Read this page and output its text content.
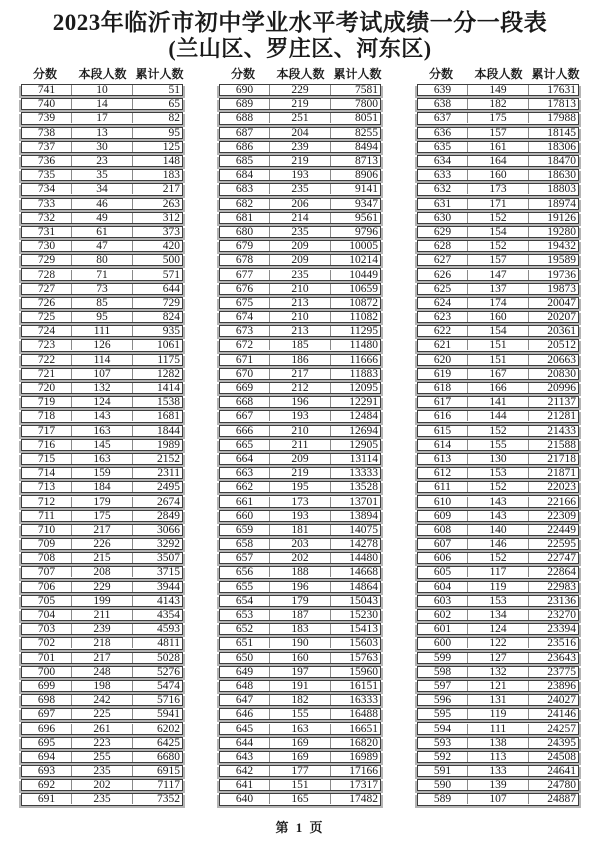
2023年临沂市初中学业水平考试成绩一分一段表
(兰山区、罗庄区、河东区)
分数	本段人数 累计人数
741	10	51
740	14	65
739	17	82
738	13	95
737	30	125
736	23	148
735	35	183
734	34	217
733	46	263
732	49	312
731	61	373
730	47	420
729	80	500
728	71	571
727	73	644
726	85	729
725	95	824
724	111	935
723	126	1061
722	114	1175
721	107	1282
720	132	1414
719	124	1538
718	143	1681
717	163	1844
716	145	1989
715	163	2152
714	159	2311
713	184	2495
712	179	2674
711	175	2849
710	217	3066
709	226	3292
708	215	3507
707	208	3715
706	229	3944
705	199	4143
704	211	4354
703	239	4593
702	218	4811
701	217	5028
700	248	5276
699	198	5474
698	242	5716
697	225	5941
696	261	6202
695	223	6425
694	255	6680
693	235	6915
692	202	7117
691	235	7352
分数	本段人数 累计人数
690	229	7581
689	219	7800
688	251	8051
687	204	8255
686	239	8494
685	219	8713
684	193	8906
683	235	9141
682	206	9347
681	214	9561
680	235	9796
679	209	10005
678	209	10214
677	235	10449
676	210	10659
675	213	10872
674	210	11082
673	213	11295
672	185	11480
671	186	11666
670	217	11883
669	212	12095
668	196	12291
667	193	12484
666	210	12694
665	211	12905
664	209	13114
663	219	13333
662	195	13528
661	173	13701
660	193	13894
659	181	14075
658	203	14278
657	202	14480
656	188	14668
655	196	14864
654	179	15043
653	187	15230
652	183	15413
651	190	15603
650	160	15763
649	197	15960
648	191	16151
647	182	16333
646	155	16488
645	163	16651
644	169	16820
643	169	16989
642	177	17166
641	151	17317
640	165	17482
分数	本段人数 累计人数
639	149	17631
638	182	17813
637	175	17988
636	157	18145
635	161	18306
634	164	18470
633	160	18630
632	173	18803
631	171	18974
630	152	19126
629	154	19280
628	152	19432
627	157	19589
626	147	19736
625	137	19873
624	174	20047
623	160	20207
622	154	20361
621	151	20512
620	151	20663
619	167	20830
618	166	20996
617	141	21137
616	144	21281
615	152	21433
614	155	21588
613	130	21718
612	153	21871
611	152	22023
610	143	22166
609	143	22309
608	140	22449
607	146	22595
606	152	22747
605	117	22864
604	119	22983
603	153	23136
602	134	23270
601	124	23394
600	122	23516
599	127	23643
598	132	23775
597	121	23896
596	131	24027
595	119	24146
594	111	24257
593	138	24395
592	113	24508
591	133	24641
590	139	24780
589	107	24887
第 1 页
